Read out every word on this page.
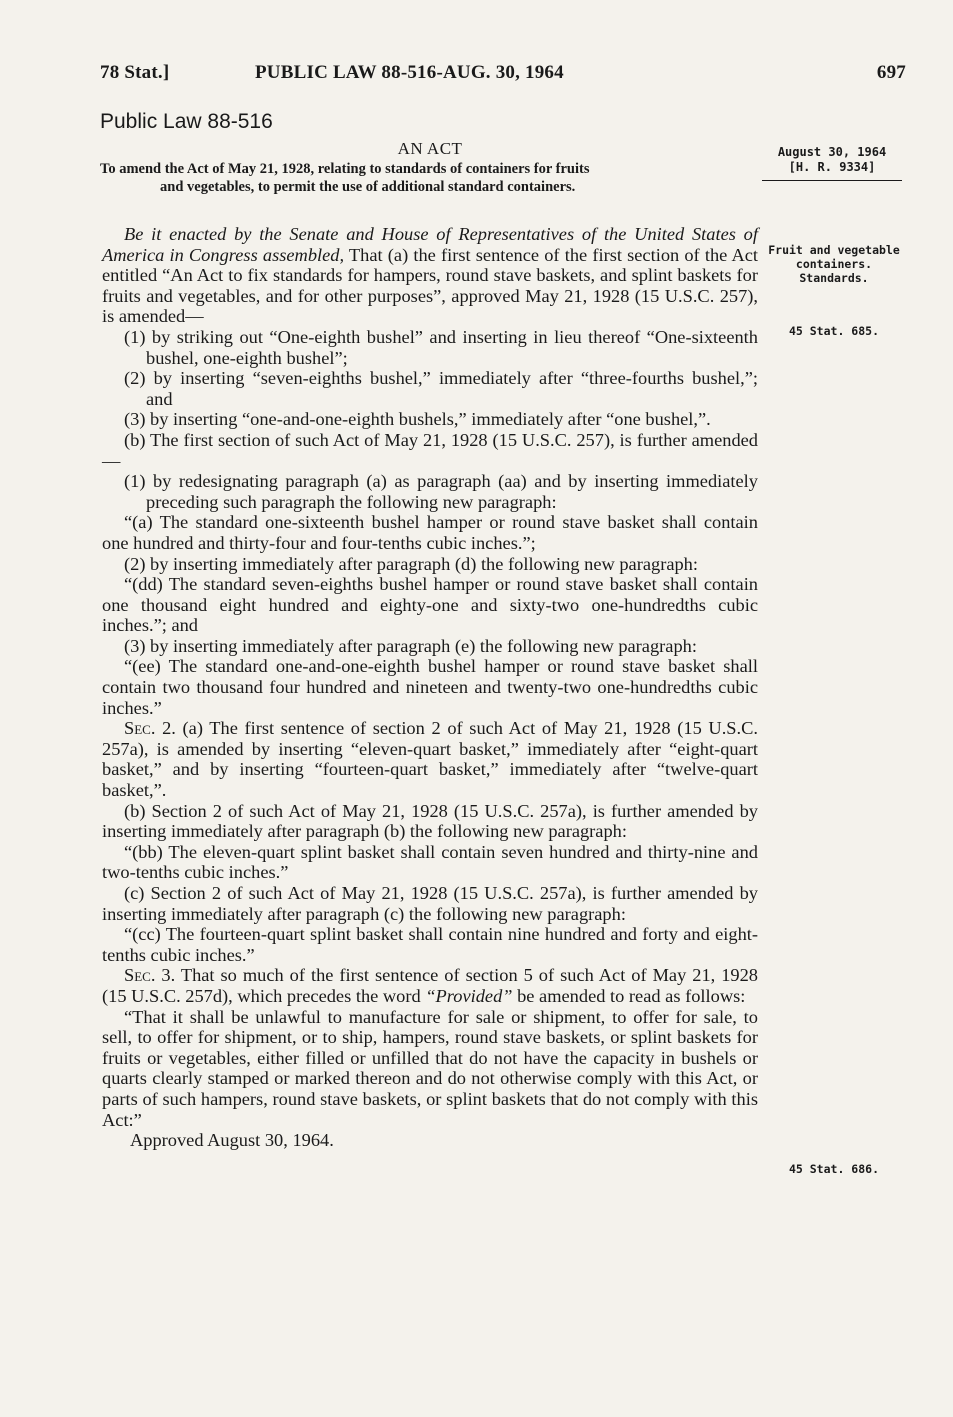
78 Stat.]	PUBLIC LAW 88-516-AUG. 30, 1964	697
Public Law 88-516
AN ACT
To amend the Act of May 21, 1928, relating to standards of containers for fruits
and vegetables, to permit the use of additional standard containers.
August 30, 1964
[H. R. 9334]
Fruit and vegetable containers. Standards.
45 Stat. 685.
45 Stat. 686.

Be it enacted by the Senate and House of Representatives of the United States of America in Congress assembled, That (a) the first sentence of the first section of the Act entitled “An Act to fix standards for hampers, round stave baskets, and splint baskets for fruits and vegetables, and for other purposes”, approved May 21, 1928 (15 U.S.C. 257), is amended—

(1) by striking out “One-eighth bushel” and inserting in lieu thereof “One-sixteenth bushel, one-eighth bushel”;

(2) by inserting “seven-eighths bushel,” immediately after “three-fourths bushel,”; and

(3) by inserting “one-and-one-eighth bushels,” immediately after “one bushel,”.

(b) The first section of such Act of May 21, 1928 (15 U.S.C. 257), is further amended—

(1) by redesignating paragraph (a) as paragraph (aa) and by inserting immediately preceding such paragraph the following new paragraph:

“(a) The standard one-sixteenth bushel hamper or round stave basket shall contain one hundred and thirty-four and four-tenths cubic inches.”;

(2) by inserting immediately after paragraph (d) the following new paragraph:

“(dd) The standard seven-eighths bushel hamper or round stave basket shall contain one thousand eight hundred and eighty-one and sixty-two one-hundredths cubic inches.”; and

(3) by inserting immediately after paragraph (e) the following new paragraph:

“(ee) The standard one-and-one-eighth bushel hamper or round stave basket shall contain two thousand four hundred and nineteen and twenty-two one-hundredths cubic inches.”

Sec. 2. (a) The first sentence of section 2 of such Act of May 21, 1928 (15 U.S.C. 257a), is amended by inserting “eleven-quart basket,” immediately after “eight-quart basket,” and by inserting “fourteen-quart basket,” immediately after “twelve-quart basket,”.

(b) Section 2 of such Act of May 21, 1928 (15 U.S.C. 257a), is further amended by inserting immediately after paragraph (b) the following new paragraph:

“(bb) The eleven-quart splint basket shall contain seven hundred and thirty-nine and two-tenths cubic inches.”

(c) Section 2 of such Act of May 21, 1928 (15 U.S.C. 257a), is further amended by inserting immediately after paragraph (c) the following new paragraph:

“(cc) The fourteen-quart splint basket shall contain nine hundred and forty and eight-tenths cubic inches.”

Sec. 3. That so much of the first sentence of section 5 of such Act of May 21, 1928 (15 U.S.C. 257d), which precedes the word “Provided” be amended to read as follows:

“That it shall be unlawful to manufacture for sale or shipment, to offer for sale, to sell, to offer for shipment, or to ship, hampers, round stave baskets, or splint baskets for fruits or vegetables, either filled or unfilled that do not have the capacity in bushels or quarts clearly stamped or marked thereon and do not otherwise comply with this Act, or parts of such hampers, round stave baskets, or splint baskets that do not comply with this Act:”

Approved August 30, 1964.
